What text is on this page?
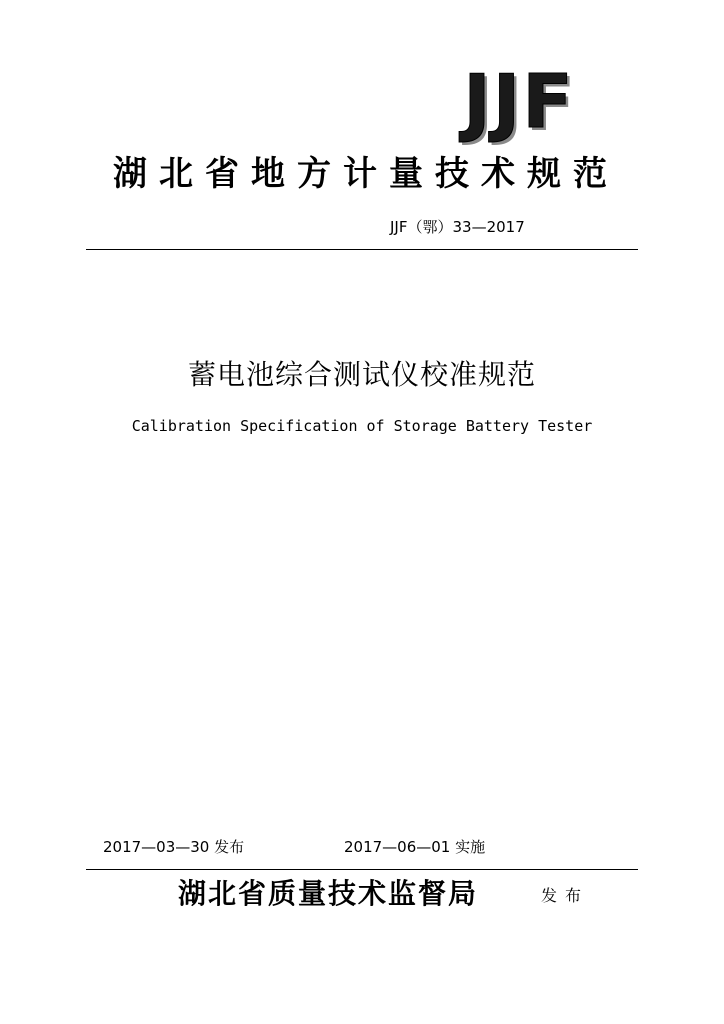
JJF
湖北省地方计量技术规范
JJF（鄂）33—2017
蓄电池综合测试仪校准规范
Calibration Specification of Storage Battery Tester
2017—03—30 发布	2017—06—01 实施
湖北省质量技术监督局	发布
